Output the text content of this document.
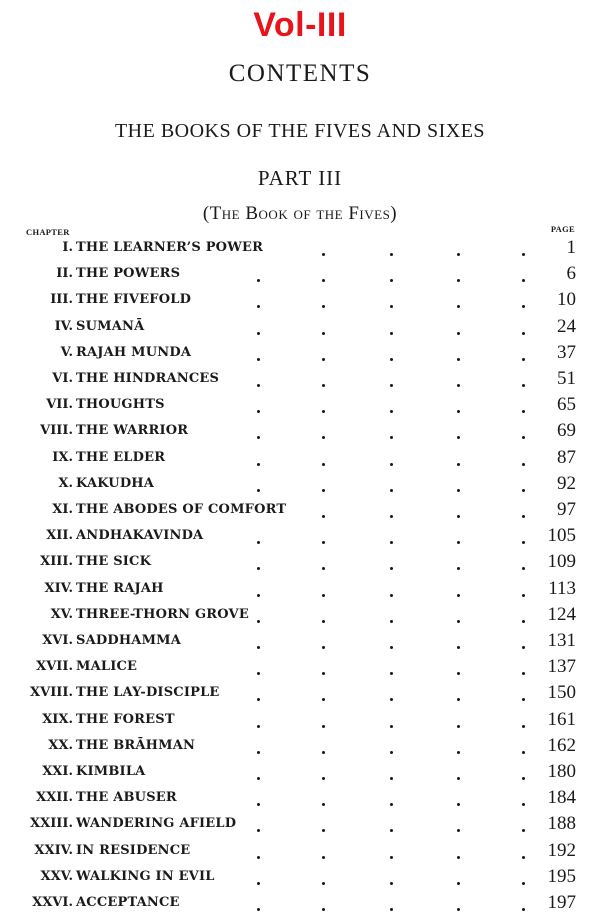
Vol-III
CONTENTS
THE BOOKS OF THE FIVES AND SIXES
PART III
(The Book of the Fives)
CHAPTER	PAGE
I. THE LEARNER’S POWER	1
II. THE POWERS	6
III. THE FIVEFOLD	10
IV. SUMANĀ	24
V. RAJAH MUNDA	37
VI. THE HINDRANCES	51
VII. THOUGHTS	65
VIII. THE WARRIOR	69
IX. THE ELDER	87
X. KAKUDHA	92
XI. THE ABODES OF COMFORT	97
XII. ANDHAKAVINDA	105
XIII. THE SICK	109
XIV. THE RAJAH	113
XV. THREE-THORN GROVE	124
XVI. SADDHAMMA	131
XVII. MALICE	137
XVIII. THE LAY-DISCIPLE	150
XIX. THE FOREST	161
XX. THE BRĀHMAN	162
XXI. KIMBILA	180
XXII. THE ABUSER	184
XXIII. WANDERING AFIELD	188
XXIV. IN RESIDENCE	192
XXV. WALKING IN EVIL	195
XXVI. ACCEPTANCE	197
